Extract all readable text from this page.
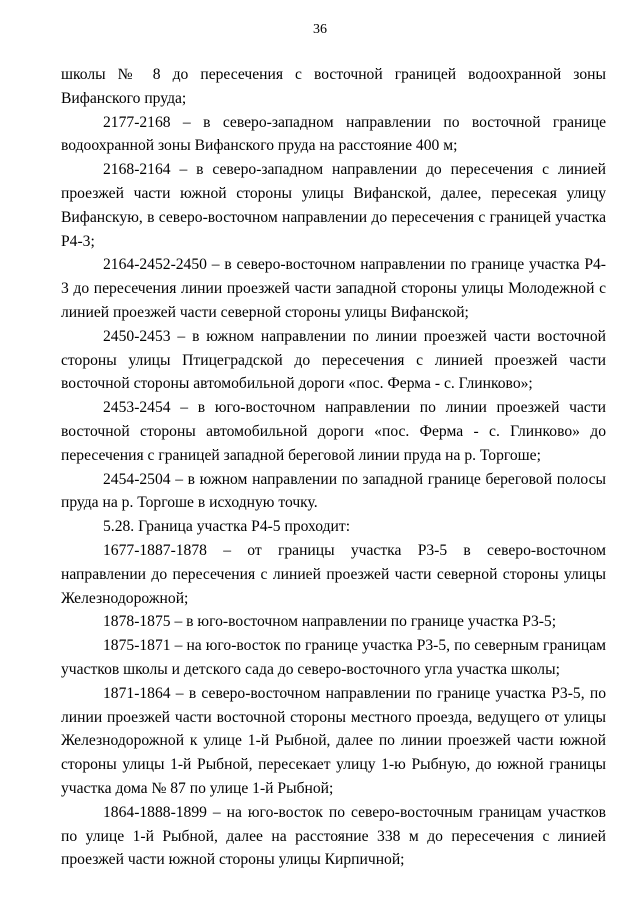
36

школы № 8 до пересечения с восточной границей водоохранной зоны Вифанского пруда;

2177-2168 – в северо-западном направлении по восточной границе водоохранной зоны Вифанского пруда на расстояние 400 м;

2168-2164 – в северо-западном направлении до пересечения с линией проезжей части южной стороны улицы Вифанской, далее, пересекая улицу Вифанскую, в северо-восточном направлении до пересечения с границей участка Р4-3;

2164-2452-2450 – в северо-восточном направлении по границе участка Р4-3 до пересечения линии проезжей части западной стороны улицы Молодежной с линией проезжей части северной стороны улицы Вифанской;

2450-2453 – в южном направлении по линии проезжей части восточной стороны улицы Птицеградской до пересечения с линией проезжей части восточной стороны автомобильной дороги «пос. Ферма - с. Глинково»;

2453-2454 – в юго-восточном направлении по линии проезжей части восточной стороны автомобильной дороги «пос. Ферма - с. Глинково» до пересечения с границей западной береговой линии пруда на р. Торгоше;

2454-2504 – в южном направлении по западной границе береговой полосы пруда на р. Торгоше в исходную точку.

5.28. Граница участка Р4-5 проходит:

1677-1887-1878 – от границы участка Р3-5 в северо-восточном направлении до пересечения с линией проезжей части северной стороны улицы Железнодорожной;

1878-1875 – в юго-восточном направлении по границе участка Р3-5;

1875-1871 – на юго-восток по границе участка Р3-5, по северным границам участков школы и детского сада до северо-восточного угла участка школы;

1871-1864 – в северо-восточном направлении по границе участка Р3-5, по линии проезжей части восточной стороны местного проезда, ведущего от улицы Железнодорожной к улице 1-й Рыбной, далее по линии проезжей части южной стороны улицы 1-й Рыбной, пересекает улицу 1-ю Рыбную, до южной границы участка дома № 87 по улице 1-й Рыбной;

1864-1888-1899 – на юго-восток по северо-восточным границам участков по улице 1-й Рыбной, далее на расстояние 338 м до пересечения с линией проезжей части южной стороны улицы Кирпичной;
